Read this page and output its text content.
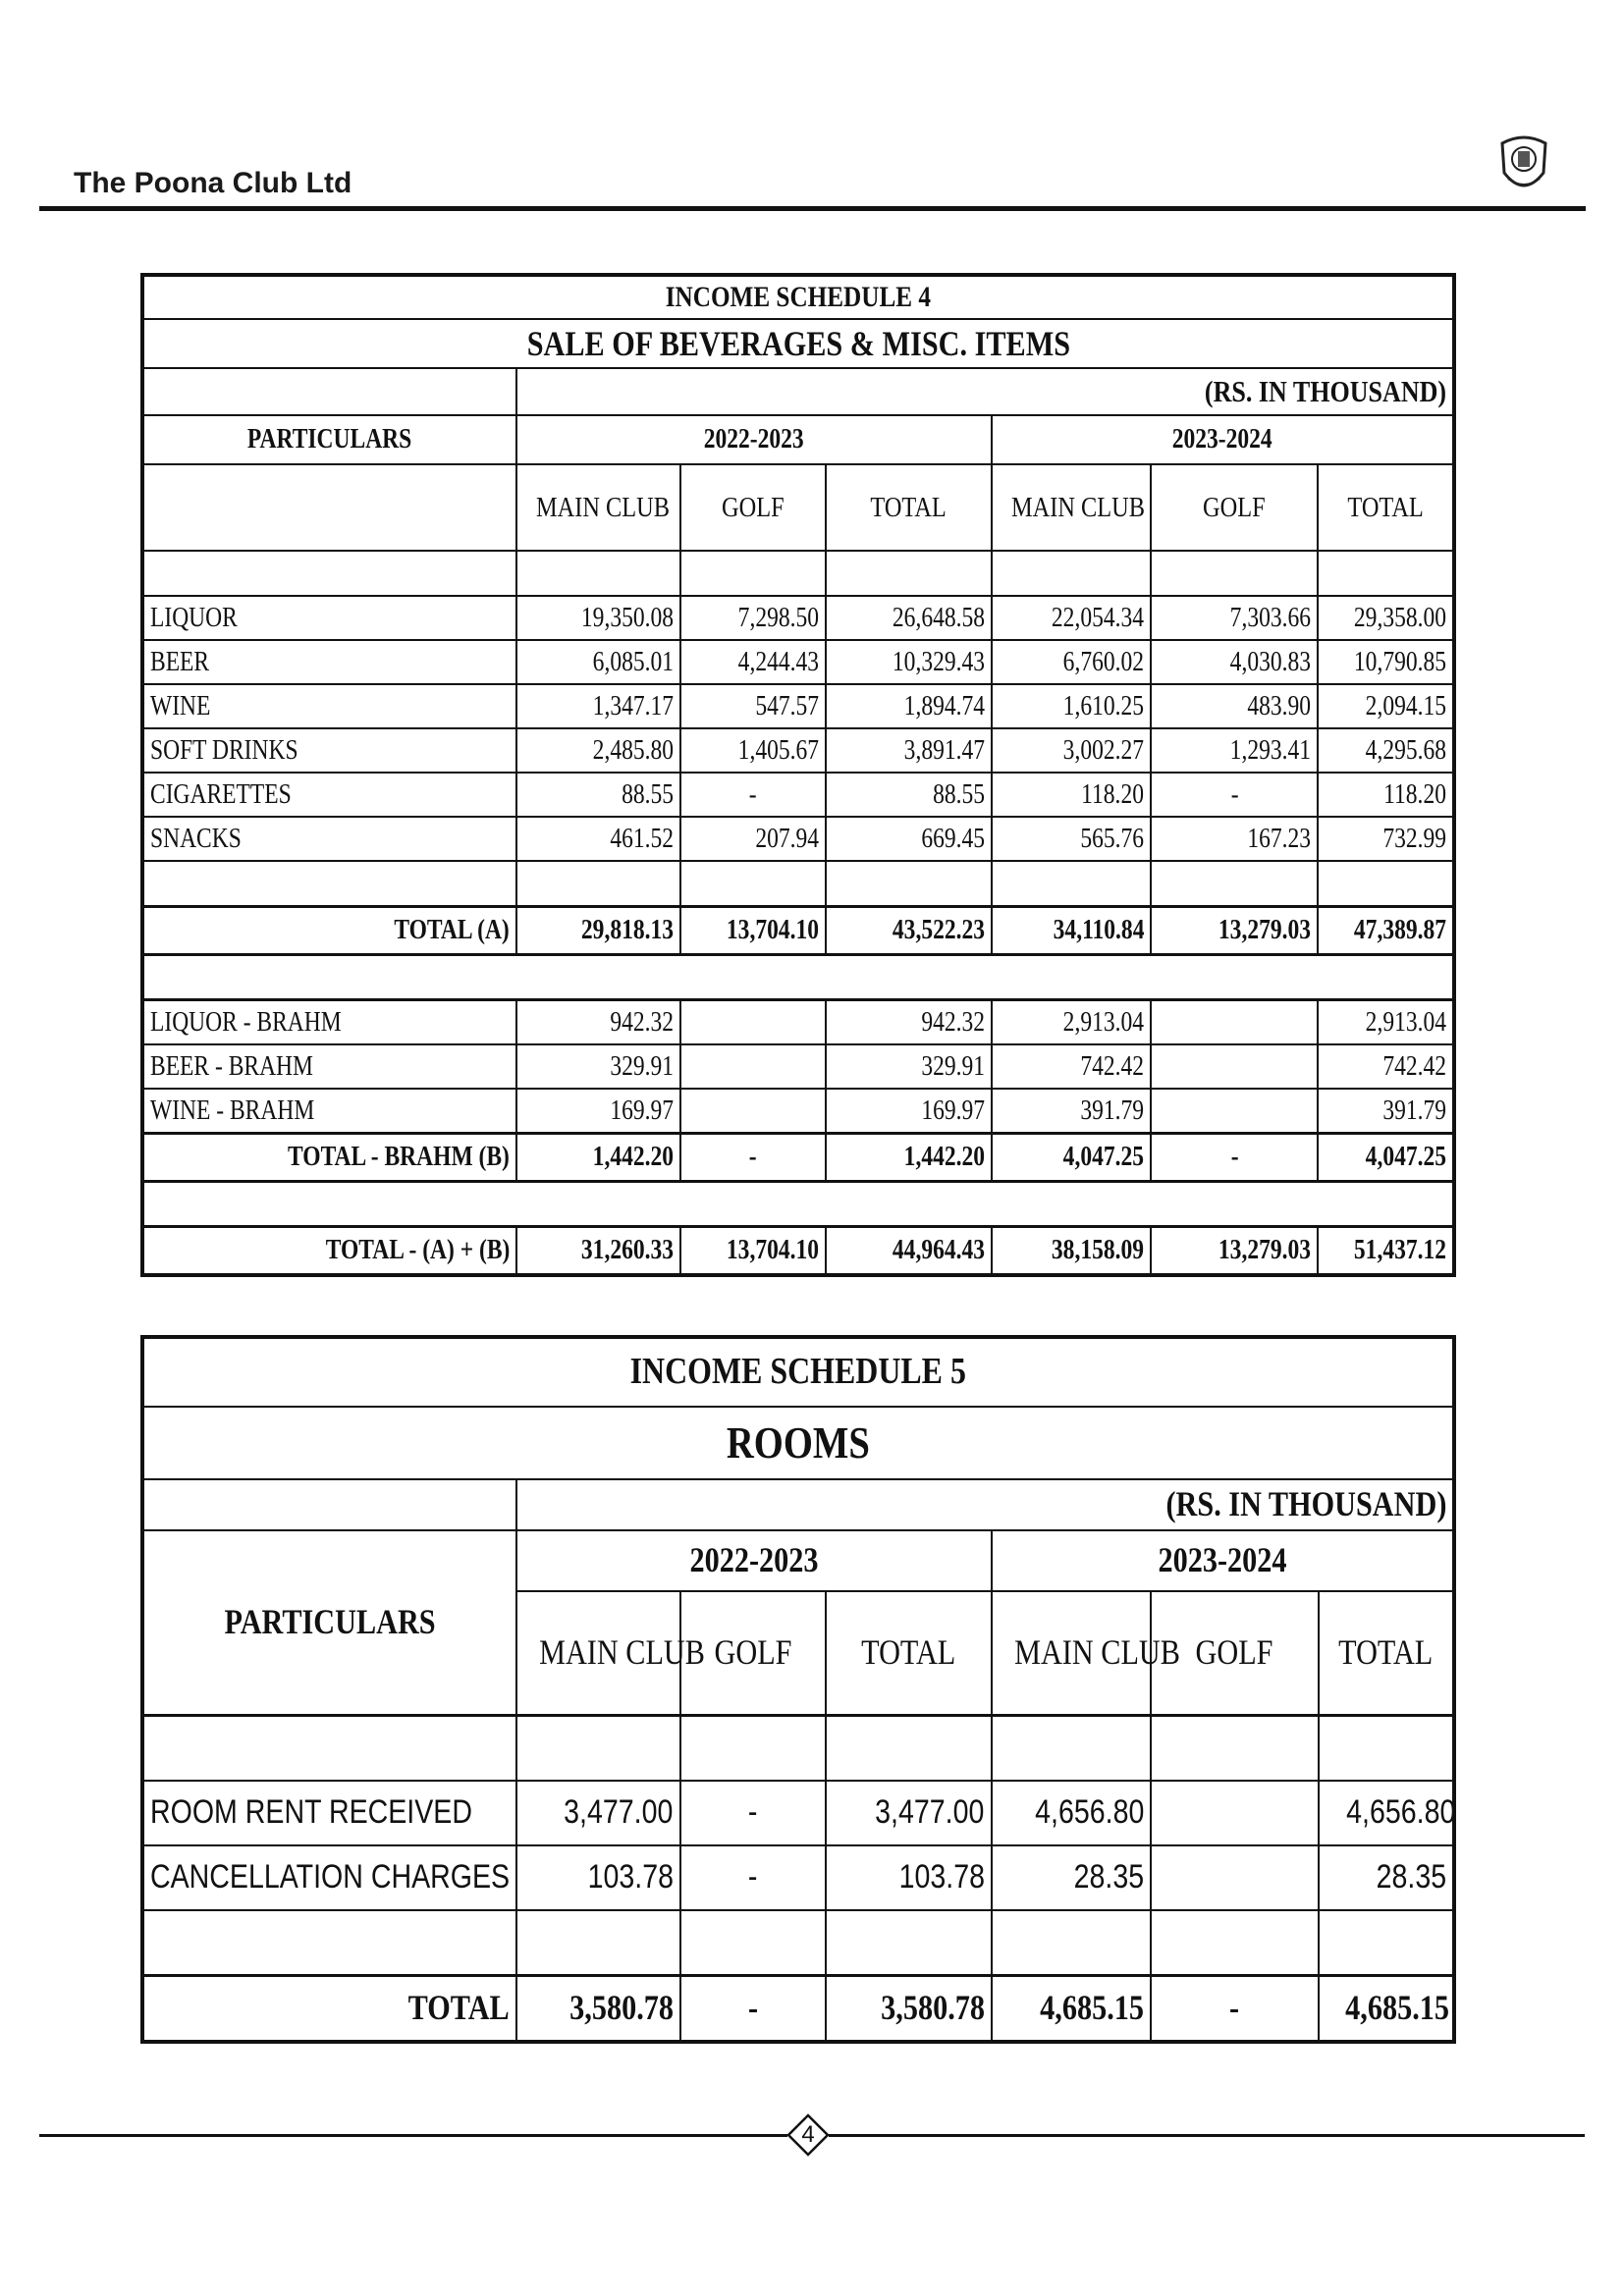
The Poona Club Ltd
INCOME SCHEDULE 4						
SALE OF BEVERAGES & MISC. ITEMS						
	(RS. IN THOUSAND)					
PARTICULARS	2022-2023			2023-2024		
	MAIN CLUB	GOLF	TOTAL	MAIN CLUB	GOLF	TOTAL

LIQUOR	19,350.08	7,298.50	26,648.58	22,054.34	7,303.66	29,358.00
BEER	6,085.01	4,244.43	10,329.43	6,760.02	4,030.83	10,790.85
WINE	1,347.17	547.57	1,894.74	1,610.25	483.90	2,094.15
SOFT DRINKS	2,485.80	1,405.67	3,891.47	3,002.27	1,293.41	4,295.68
CIGARETTES	88.55	-	88.55	118.20	-	118.20
SNACKS	461.52	207.94	669.45	565.76	167.23	732.99

TOTAL (A)	29,818.13	13,704.10	43,522.23	34,110.84	13,279.03	47,389.87

LIQUOR - BRAHM	942.32		942.32	2,913.04		2,913.04
BEER - BRAHM	329.91		329.91	742.42		742.42
WINE - BRAHM	169.97		169.97	391.79		391.79
TOTAL - BRAHM (B)	1,442.20	-	1,442.20	4,047.25	-	4,047.25

TOTAL - (A) + (B)	31,260.33	13,704.10	44,964.43	38,158.09	13,279.03	51,437.12
INCOME SCHEDULE 5						
ROOMS						
	(RS. IN THOUSAND)					
PARTICULARS	2022-2023			2023-2024		
	MAIN CLUB	GOLF	TOTAL	MAIN CLUB	GOLF	TOTAL

ROOM RENT RECEIVED	3,477.00	-	3,477.00	4,656.80		4,656.80
CANCELLATION CHARGES	103.78	-	103.78	28.35		28.35

TOTAL	3,580.78	-	3,580.78	4,685.15	-	4,685.15
4
